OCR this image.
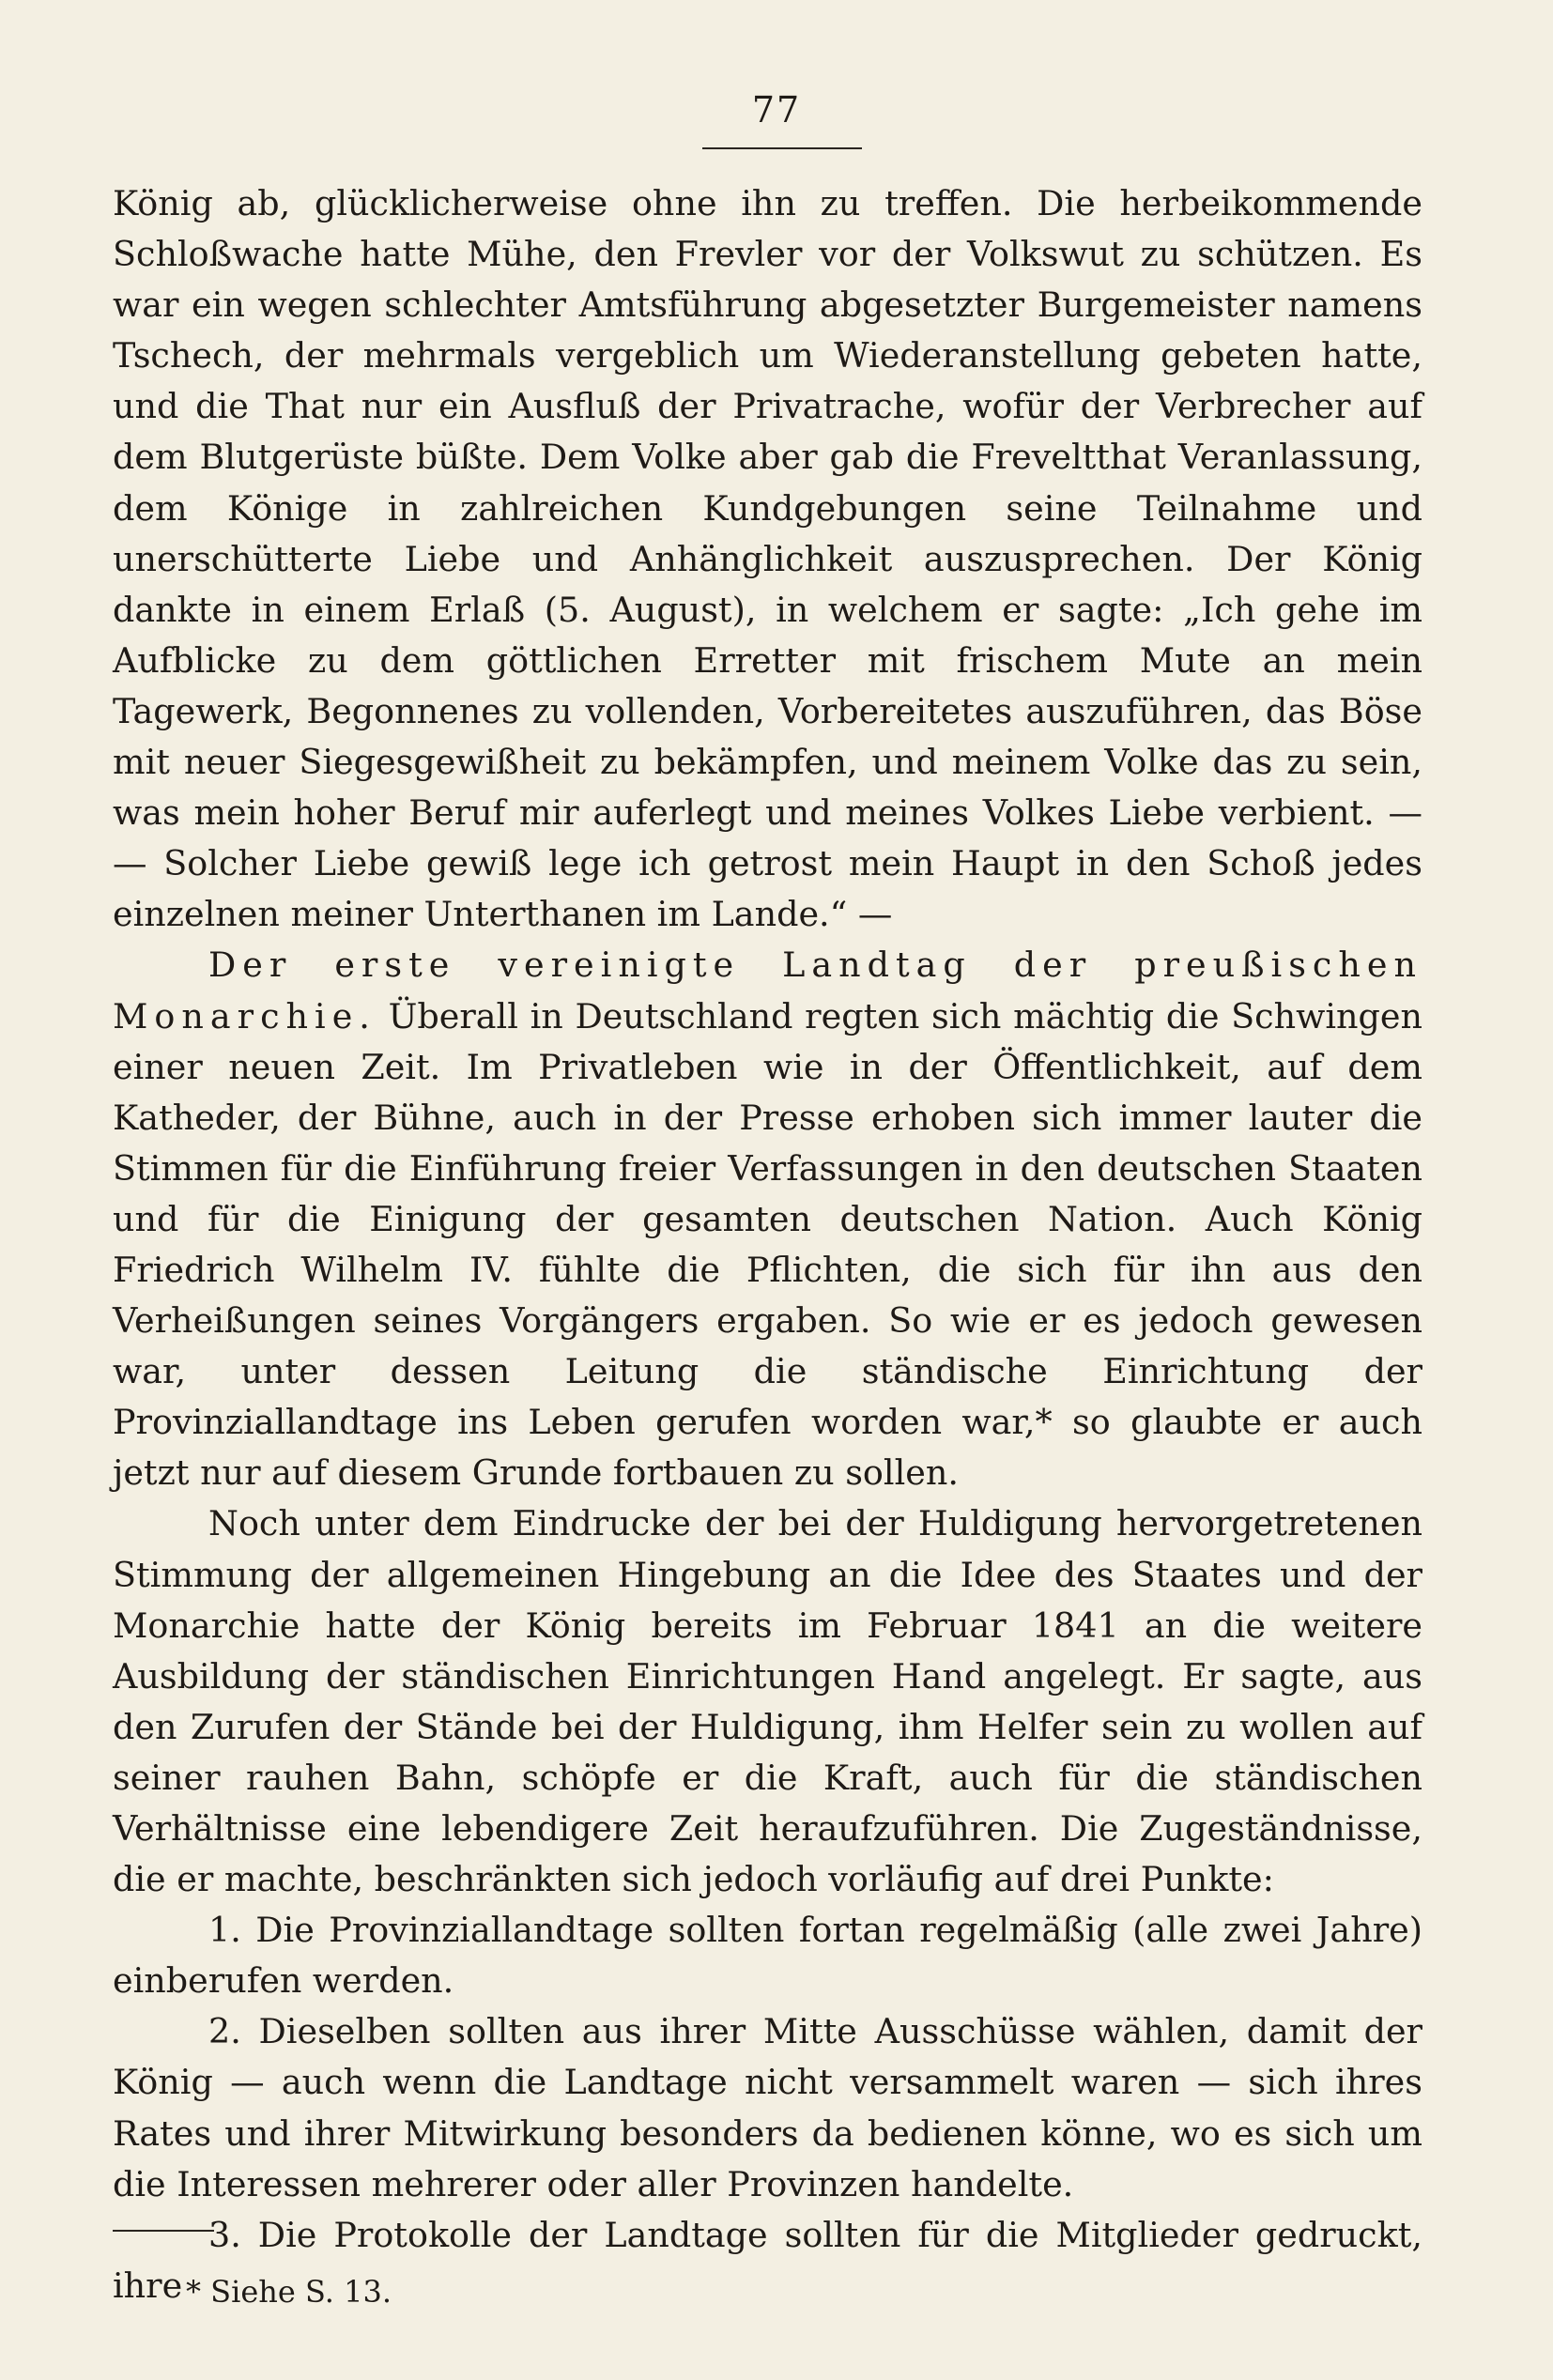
77

König ab, glücklicherweise ohne ihn zu treffen. Die herbeikommende Schloßwache hatte Mühe, den Frevler vor der Volkswut zu schützen. Es war ein wegen schlechter Amtsführung abgesetzter Burgemeister namens Tschech, der mehrmals vergeblich um Wiederanstellung gebeten hatte, und die That nur ein Ausfluß der Privatrache, wofür der Verbrecher auf dem Blutgerüste büßte. Dem Volke aber gab die Freveltthat Veranlassung, dem Könige in zahlreichen Kundgebungen seine Teilnahme und unerschütterte Liebe und Anhänglichkeit auszusprechen. Der König dankte in einem Erlaß (5. August), in welchem er sagte: „Ich gehe im Aufblicke zu dem göttlichen Erretter mit frischem Mute an mein Tagewerk, Begonnenes zu vollenden, Vorbereitetes auszuführen, das Böse mit neuer Siegesgewißheit zu bekämpfen, und meinem Volke das zu sein, was mein hoher Beruf mir auferlegt und meines Volkes Liebe verbient. — — Solcher Liebe gewiß lege ich getrost mein Haupt in den Schoß jedes einzelnen meiner Unterthanen im Lande.“ —

Der erste vereinigte Landtag der preußischen Monarchie. Überall in Deutschland regten sich mächtig die Schwingen einer neuen Zeit. Im Privatleben wie in der Öffentlichkeit, auf dem Katheder, der Bühne, auch in der Presse erhoben sich immer lauter die Stimmen für die Einführung freier Verfassungen in den deutschen Staaten und für die Einigung der gesamten deutschen Nation. Auch König Friedrich Wilhelm IV. fühlte die Pflichten, die sich für ihn aus den Verheißungen seines Vorgängers ergaben. So wie er es jedoch gewesen war, unter dessen Leitung die ständische Einrichtung der Provinziallandtage ins Leben gerufen worden war,* so glaubte er auch jetzt nur auf diesem Grunde fortbauen zu sollen.

Noch unter dem Eindrucke der bei der Huldigung hervorgetretenen Stimmung der allgemeinen Hingebung an die Idee des Staates und der Monarchie hatte der König bereits im Februar 1841 an die weitere Ausbildung der ständischen Einrichtungen Hand angelegt. Er sagte, aus den Zurufen der Stände bei der Huldigung, ihm Helfer sein zu wollen auf seiner rauhen Bahn, schöpfe er die Kraft, auch für die ständischen Verhältnisse eine lebendigere Zeit heraufzuführen. Die Zugeständnisse, die er machte, beschränkten sich jedoch vorläufig auf drei Punkte:

1. Die Provinziallandtage sollten fortan regelmäßig (alle zwei Jahre) einberufen werden.

2. Dieselben sollten aus ihrer Mitte Ausschüsse wählen, damit der König — auch wenn die Landtage nicht versammelt waren — sich ihres Rates und ihrer Mitwirkung besonders da bedienen könne, wo es sich um die Interessen mehrerer oder aller Provinzen handelte.

3. Die Protokolle der Landtage sollten für die Mitglieder gedruckt, ihre * Siehe S. 13.
